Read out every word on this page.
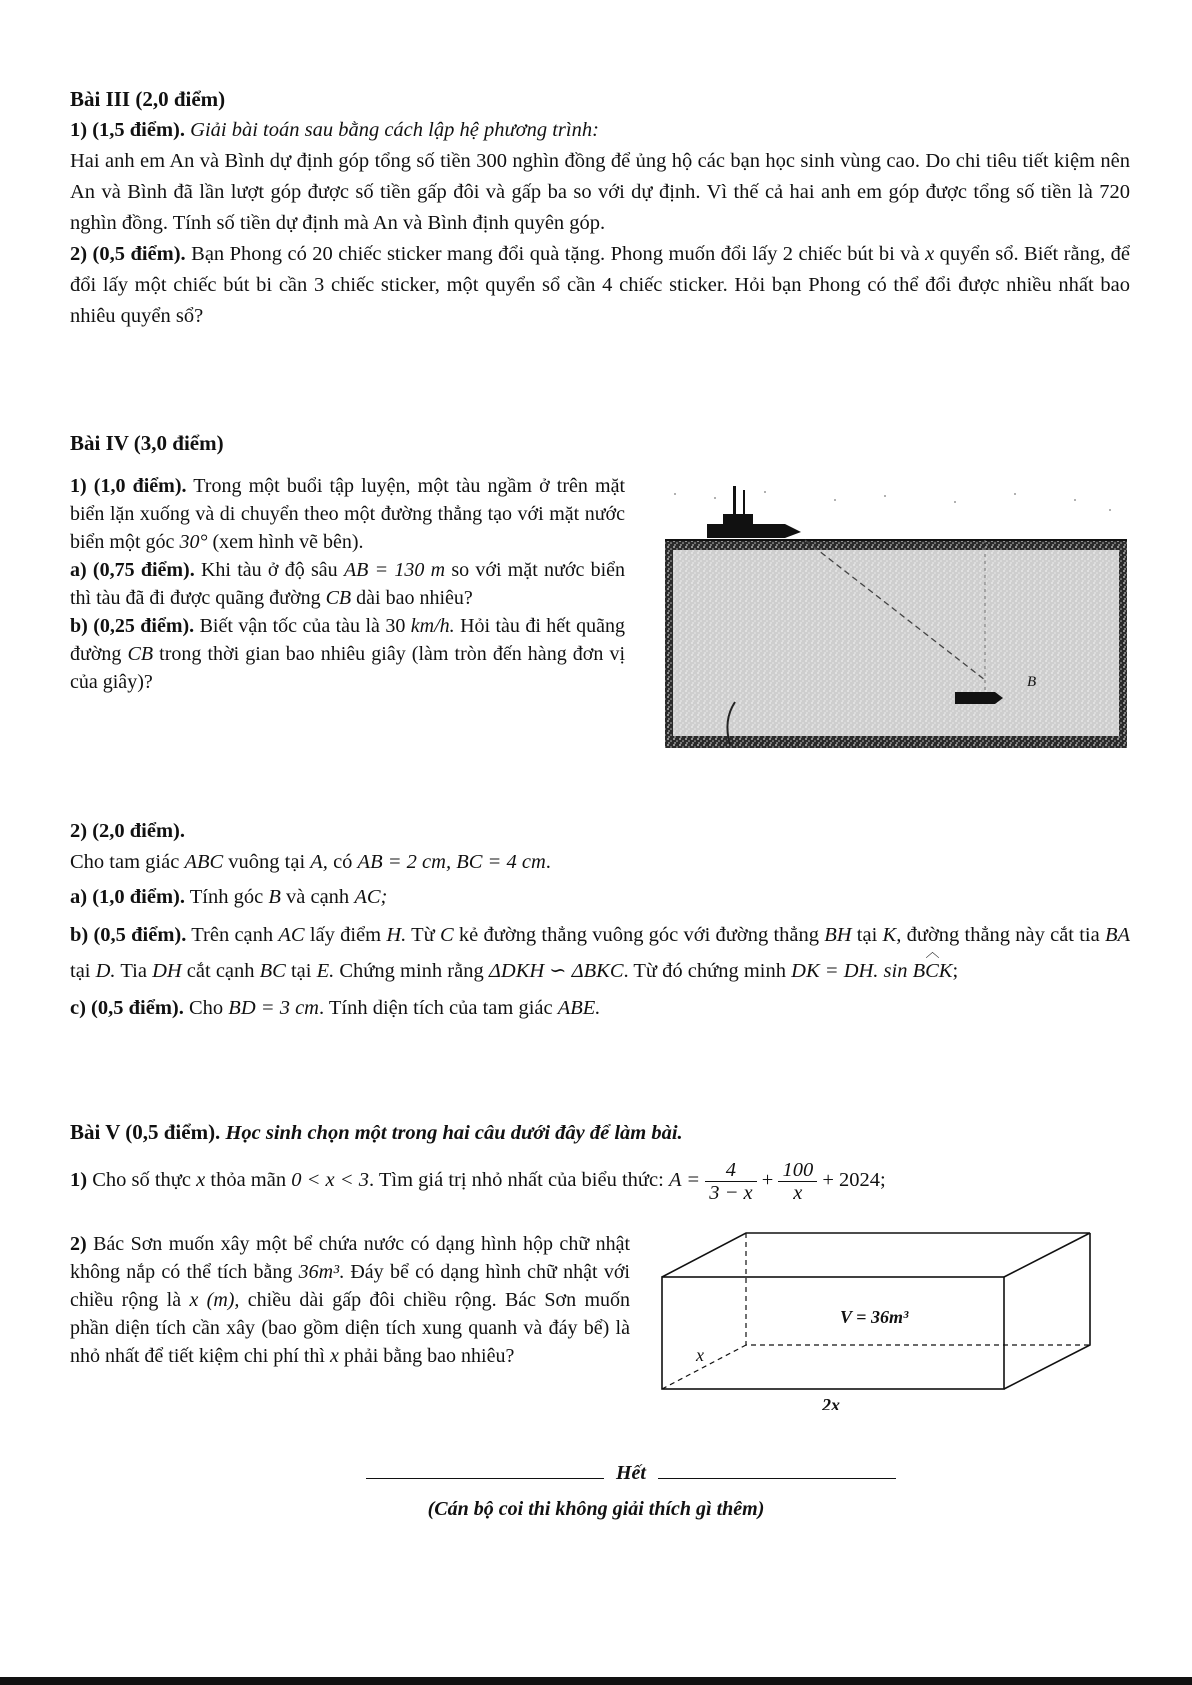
Bài III (2,0 điểm)

1) (1,5 điểm). Giải bài toán sau bằng cách lập hệ phương trình:

Hai anh em An và Bình dự định góp tổng số tiền 300 nghìn đồng để ủng hộ các bạn học sinh vùng cao. Do chi tiêu tiết kiệm nên An và Bình đã lần lượt góp được số tiền gấp đôi và gấp ba so với dự định. Vì thế cả hai anh em góp được tổng số tiền là 720 nghìn đồng. Tính số tiền dự định mà An và Bình định quyên góp.

2) (0,5 điểm). Bạn Phong có 20 chiếc sticker mang đổi quà tặng. Phong muốn đổi lấy 2 chiếc bút bi và x quyển sổ. Biết rằng, để đổi lấy một chiếc bút bi cần 3 chiếc sticker, một quyển sổ cần 4 chiếc sticker. Hỏi bạn Phong có thể đổi được nhiều nhất bao nhiêu quyển sổ?

Bài IV (3,0 điểm)

1) (1,0 điểm). Trong một buổi tập luyện, một tàu ngầm ở trên mặt biển lặn xuống và di chuyển theo một đường thẳng tạo với mặt nước biển một góc 30° (xem hình vẽ bên).

a) (0,75 điểm). Khi tàu ở độ sâu AB = 130 m so với mặt nước biển thì tàu đã đi được quãng đường CB dài bao nhiêu?

b) (0,25 điểm). Biết vận tốc của tàu là 30 km/h. Hỏi tàu đi hết quãng đường CB trong thời gian bao nhiêu giây (làm tròn đến hàng đơn vị của giây)?	B

2) (2,0 điểm).

Cho tam giác ABC vuông tại A, có AB = 2 cm, BC = 4 cm.

a) (1,0 điểm). Tính góc B và cạnh AC;

b) (0,5 điểm). Trên cạnh AC lấy điểm H. Từ C kẻ đường thẳng vuông góc với đường thẳng BH tại K, đường thẳng này cắt tia BA tại D. Tia DH cắt cạnh BC tại E. Chứng minh rằng ΔDKH ∽ ΔBKC. Từ đó chứng minh DK = DH. sin
︿
BCK;

c) (0,5 điểm). Cho BD = 3 cm. Tính diện tích của tam giác ABE.

Bài V (0,5 điểm). Học sinh chọn một trong hai câu dưới đây để làm bài.

1) Cho số thực x thỏa mãn 0 < x < 3. Tìm giá trị nhỏ nhất của biểu thức: $A = \frac{4}{3 - x} + \frac{100}{x} + 2024$;

2) Bác Sơn muốn xây một bể chứa nước có dạng hình hộp chữ nhật không nắp có thể tích bằng 36m³. Đáy bể có dạng hình chữ nhật với chiều rộng là x (m), chiều dài gấp đôi chiều rộng. Bác Sơn muốn phần diện tích cần xây (bao gồm diện tích xung quanh và đáy bể) là nhỏ nhất để tiết kiệm chi phí thì x phải bằng bao nhiêu?

V = 36m³
x
2x
Hết
(Cán bộ coi thi không giải thích gì thêm)
